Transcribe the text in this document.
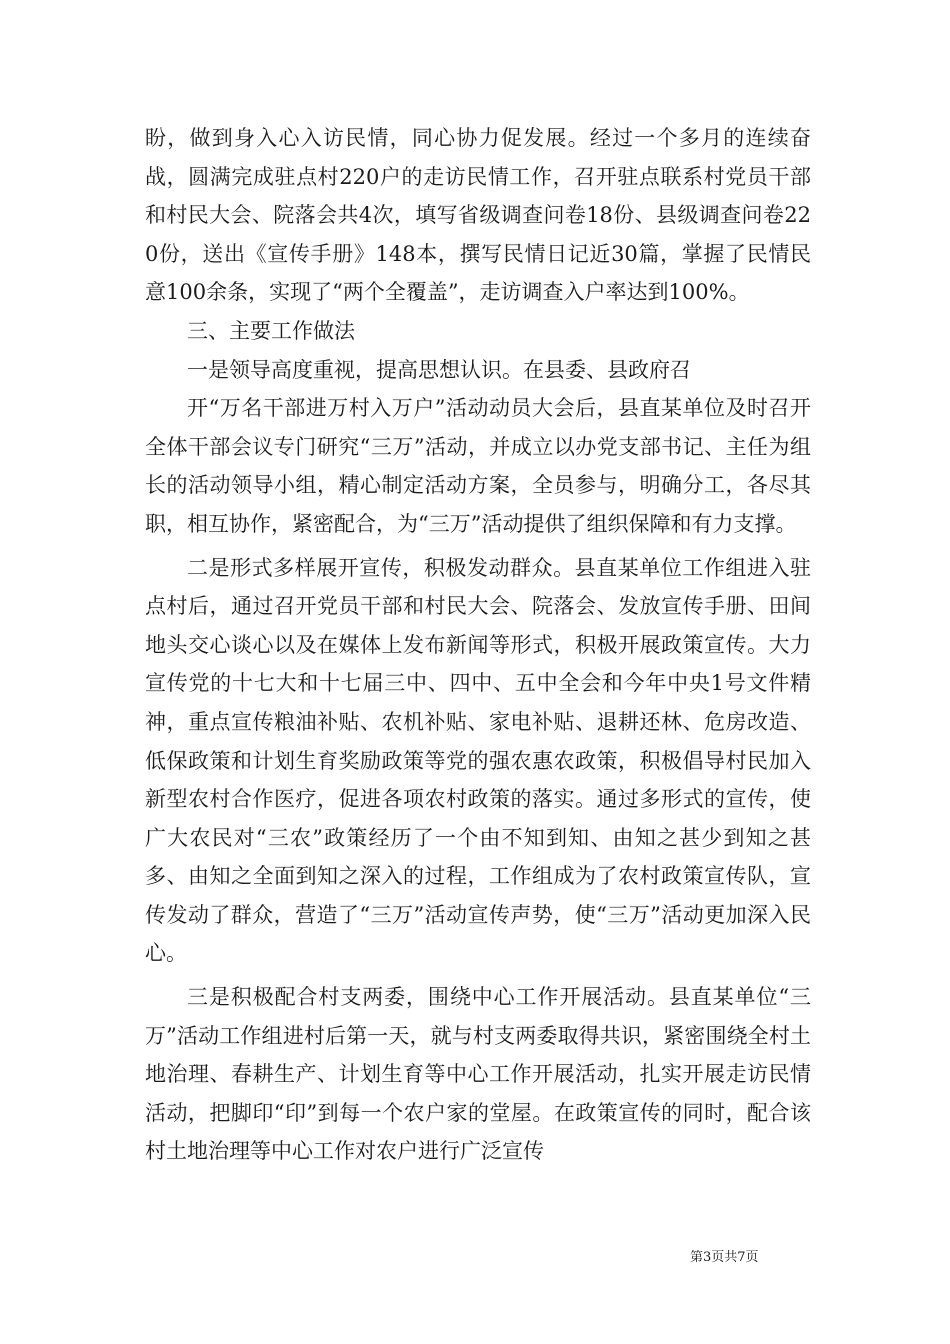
盼，做到身入心入访民情，同心协力促发展。经过一个多月的连续奋战，圆满完成驻点村220户的走访民情工作，召开驻点联系村党员干部和村民大会、院落会共4次，填写省级调查问卷18份、县级调查问卷220份，送出《宣传手册》148本，撰写民情日记近30篇，掌握了民情民意100余条，实现了“两个全覆盖”，走访调查入户率达到100%。

三、主要工作做法

一是领导高度重视，提高思想认识。在县委、县政府召

开“万名干部进万村入万户”活动动员大会后，县直某单位及时召开全体干部会议专门研究“三万”活动，并成立以办党支部书记、主任为组长的活动领导小组，精心制定活动方案，全员参与，明确分工，各尽其职，相互协作，紧密配合，为“三万”活动提供了组织保障和有力支撑。

二是形式多样展开宣传，积极发动群众。县直某单位工作组进入驻点村后，通过召开党员干部和村民大会、院落会、发放宣传手册、田间地头交心谈心以及在媒体上发布新闻等形式，积极开展政策宣传。大力宣传党的十七大和十七届三中、四中、五中全会和今年中央1号文件精神，重点宣传粮油补贴、农机补贴、家电补贴、退耕还林、危房改造、低保政策和计划生育奖励政策等党的强农惠农政策，积极倡导村民加入新型农村合作医疗，促进各项农村政策的落实。通过多形式的宣传，使广大农民对“三农”政策经历了一个由不知到知、由知之甚少到知之甚多、由知之全面到知之深入的过程，工作组成为了农村政策宣传队，宣传发动了群众，营造了“三万”活动宣传声势，使“三万”活动更加深入民心。

三是积极配合村支两委，围绕中心工作开展活动。县直某单位“三万”活动工作组进村后第一天，就与村支两委取得共识，紧密围绕全村土地治理、春耕生产、计划生育等中心工作开展活动，扎实开展走访民情活动，把脚印“印”到每一个农户家的堂屋。在政策宣传的同时，配合该村土地治理等中心工作对农户进行广泛宣传

第3页共7页
